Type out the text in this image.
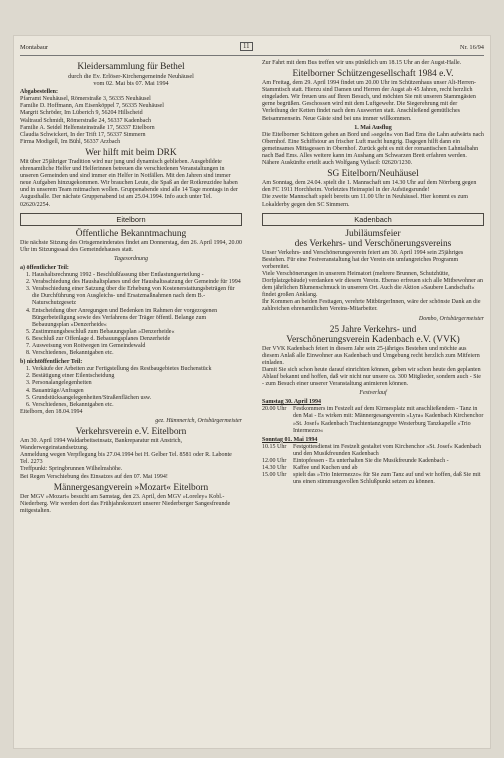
Montabaur	11	Nr. 16/94
Kleidersammlung für Bethel

durch die Ev. Erlöser-Kirchengemeinde Neuhäusel

vom 02. Mai bis 07. Mai 1994

Abgabestellen:

Pfarramt Neuhäusel, Römerstraße 3, 56335 Neuhäusel
Familie D. Hoffmann, Am Eisenköppel 7, 56335 Neuhäusel
Margrit Schröder, Im Lüberich 9, 56204 Hillscheid
Waltraud Schmidt, Römerstraße 24, 56337 Kadenbach
Familie A. Seidel Helfensteinstraße 17, 56337 Eitelborn
Claudia Schwickert, In der Trift 17, 56337 Simmern
Firma Modigell, Im Bühl, 56337 Arzbach

Wer hilft mit beim DRK

Mit über 25jähriger Tradition wird nur jung und dynamisch geblieben. Ausgebildete ehrenamtliche Helfer und Helferinnen betreuen die verschiedenen Veranstaltungen in unseren Gemeinden und sind immer ein Helfer in Notfällen. Mit den Jahren sind immer neue Aufgaben hinzugekommen. Wir brauchen Leute, die Spaß an der Rotkreuzidee haben und in unserem Team mitmachen wollen. Gruppenabende sind alle 14 Tage montags in der Augusthalle. Der nächste Gruppenabend ist am 25.04.1994. Info auch unter Tel. 02620/2254.

Eitelborn
Öffentliche Bekanntmachung

Die nächste Sitzung des Ortsgemeinderates findet am Donnerstag, den 26. April 1994, 20.00 Uhr im Sitzungssaal des Gemeindehauses statt.

Tagesordnung

a) öffentlicher Teil:

1. Haushaltsrechnung 1992 - Beschlußfassung über Entlastungserteilung -
2. Verabschiedung des Haushaltsplanes und der Haushaltssatzung der Gemeinde für 1994
3. Verabschiedung einer Satzung über die Erhebung von Kostenerstattungsbeträgen für die Durchführung von Ausgleichs- und Ersatzmaßnahmen nach dem B.-Naturschutzgesetz
4. Entscheidung über Anregungen und Bedenken im Rahmen der vorgezogenen Bürgerbeteiligung sowie des Verfahrens der Träger öffentl. Belange zum Bebauungsplan »Denzerheide«
5. Zustimmungsbeschluß zum Bebauungsplan »Denzerheide«
6. Beschluß zur Offenlage d. Bebauungsplanes Denzerheide
7. Ausweisung von Roitwegen im Gemeindewald
8. Verschiedenes, Bekanntgaben etc.

b) nichtöffentlicher Teil:

1. Verkäufe der Arbeiten zur Fertigstellung des Restbaugebietes Buchenstück
2. Bestätigung einer Eilentscheidung
3. Personalangelegenheiten
4. Bauanträge/Anfragen
5. Grundstücksangelegenheiten/Straßenflächen usw.
6. Verschiedenes, Bekanntgaben etc.

Eitelborn, den 18.04.1994

gez. Hümmerich, Ortsbürgermeister

Verkehrsverein e.V. Eitelborn

Am 30. April 1994 Waldarbeitseinsatz, Bankreparatur mit Anstrich, Wanderwegeinstandsetzung.
Anmeldung wegen Verpflegung bis 27.04.1994 bei H. Gelber Tel. 8581 oder R. Labonte Tel. 2273
Treffpunkt: Springbrunnen Wilhelmshöhe.
Bei Regen Verschiebung des Einsatzes auf den 07. Mai 1994!

Männergesangverein »Mozart« Eitelborn

Der MGV »Mozart« besucht am Samstag, den 23. April, den MGV »Loreley« Kobl.-Niederberg. Wir werden dort das Frühjahrskonzert unserer Niederberger Sangesfreunde mitgestalten.

Zur Fahrt mit dem Bus treffen wir uns pünktlich um 18.15 Uhr an der Augst-Halle.

Eitelborner Schützengesellschaft 1984 e.V.

Am Freitag, dem 29. April 1994 findet um 20.00 Uhr im Schützenhaus unser Alt-Herren-Stammtisch statt. Hierzu sind Damen und Herren der Augst ab 45 Jahren, recht herzlich eingeladen. Wir freuen uns auf Ihren Besuch, und möchten Sie mit unseren Stammgästen gerne begrüßen. Geschossen wird mit dem Luftgewehr. Die Siegerehrung mit der Verleihung der Ketten findet nach dem Auswerten statt. Anschließend gemütliches Beisammensein. Neue Gäste sind bei uns immer willkommen.

1. Mai Ausflug

Die Eitelborner Schützen gehen an Bord und »segeln« von Bad Ems die Lahn aufwärts nach Obernhof. Eine Schiffstour an frischer Luft macht hungrig. Dagegen hilft dann ein gemeinsames Mittagessen in Obernhof. Zurück geht es mit der romantischen Lahntalbahn nach Bad Ems. Alles weitere kann im Aushang am Schwarzen Brett erfahren werden.
Nähere Auskünfte erteilt auch Wolfgang Vytlacil: 02620/1230.

SG Eitelborn/Neuhäusel

Am Sonntag, dem 24.04. spielt die 1. Mannschaft um 14.30 Uhr auf dem Nörrberg gegen den FC 1911 Horchheim. Vorletztes Heimspiel in der Aufstiegsrunde!
Die zweite Mannschaft spielt bereits um 11.00 Uhr in Neuhäusel. Hier kommt es zum Lokalderby gegen den SC Simmern.

Kadenbach
Jubiläumsfeier
des Verkehrs- und Verschönerungsvereins

Unser Verkehrs- und Verschönerungsverein feiert am 30. April 1994 sein 25jähriges Bestehen. Für eine Festveranstaltung hat der Verein ein umfangreiches Programm vorbereitet.
Viele Verschönerungen in unserem Heimatort (mehrere Brunnen, Schutzhütte, Dorfplatzgebäude) verdanken wir diesem Verein. Ebenso erfreuen sich alle Mitbewohner an dem jährlichen Blumenschmuck in unserem Ort. Auch die Aktion »Saubere Landschaft« findet großen Anklang.
Ihr Kommen an beiden Festtagen, verehrte MitbürgerInnen, wäre der schönste Dank an die zahlreichen ehrenamtlichen Vereins-Mitarbeiter.

Dombo, Ortsbürgermeister

25 Jahre Verkehrs- und
Verschönerungsverein Kadenbach e.V. (VVK)

Der VVK Kadenbach feiert in diesem Jahr sein 25-jähriges Bestehen und möchte aus diesem Anlaß alle Einwohner aus Kadenbach und Umgebung recht herzlich zum Mitfeiern einladen.
Damit Sie sich schon heute darauf einrichten können, geben wir schon heute den geplanten Ablauf bekannt und hoffen, daß wir nicht nur unsere ca. 300 Mitglieder, sondern auch - Sie - zum Besuch einer unserer Veranstaltung animieren können.

Festverlauf

Samstag 30. April 1994

20.00 Uhr	Festkommers im Festzelt auf dem Kirmesplatz mit anschließendem - Tanz in den Mai - Es wirken mit: Männergesangverein »Lyra« Kadenbach Kirchenchor »St. Josef« Kadenbach Trachtentanzgruppe Westerburg Tanzkapelle »Trio Intermezzo«

Sonntag 01. Mai 1994

10.15 Uhr	Festgottesdienst im Festzelt gestaltet vom Kirchenchor »St. Josef« Kadenbach und den Musikfreunden Kadenbach
12.00 Uhr	Eintopfessen - Es unterhalten Sie die Musikfreunde Kadenbach -
14.30 Uhr	Kaffee und Kuchen und ab
15.00 Uhr	spielt das »Trio Intermezzo« für Sie zum Tanz auf und wir hoffen, daß Sie mit uns einen stimmungsvollen Schlußpunkt setzen zu können.
